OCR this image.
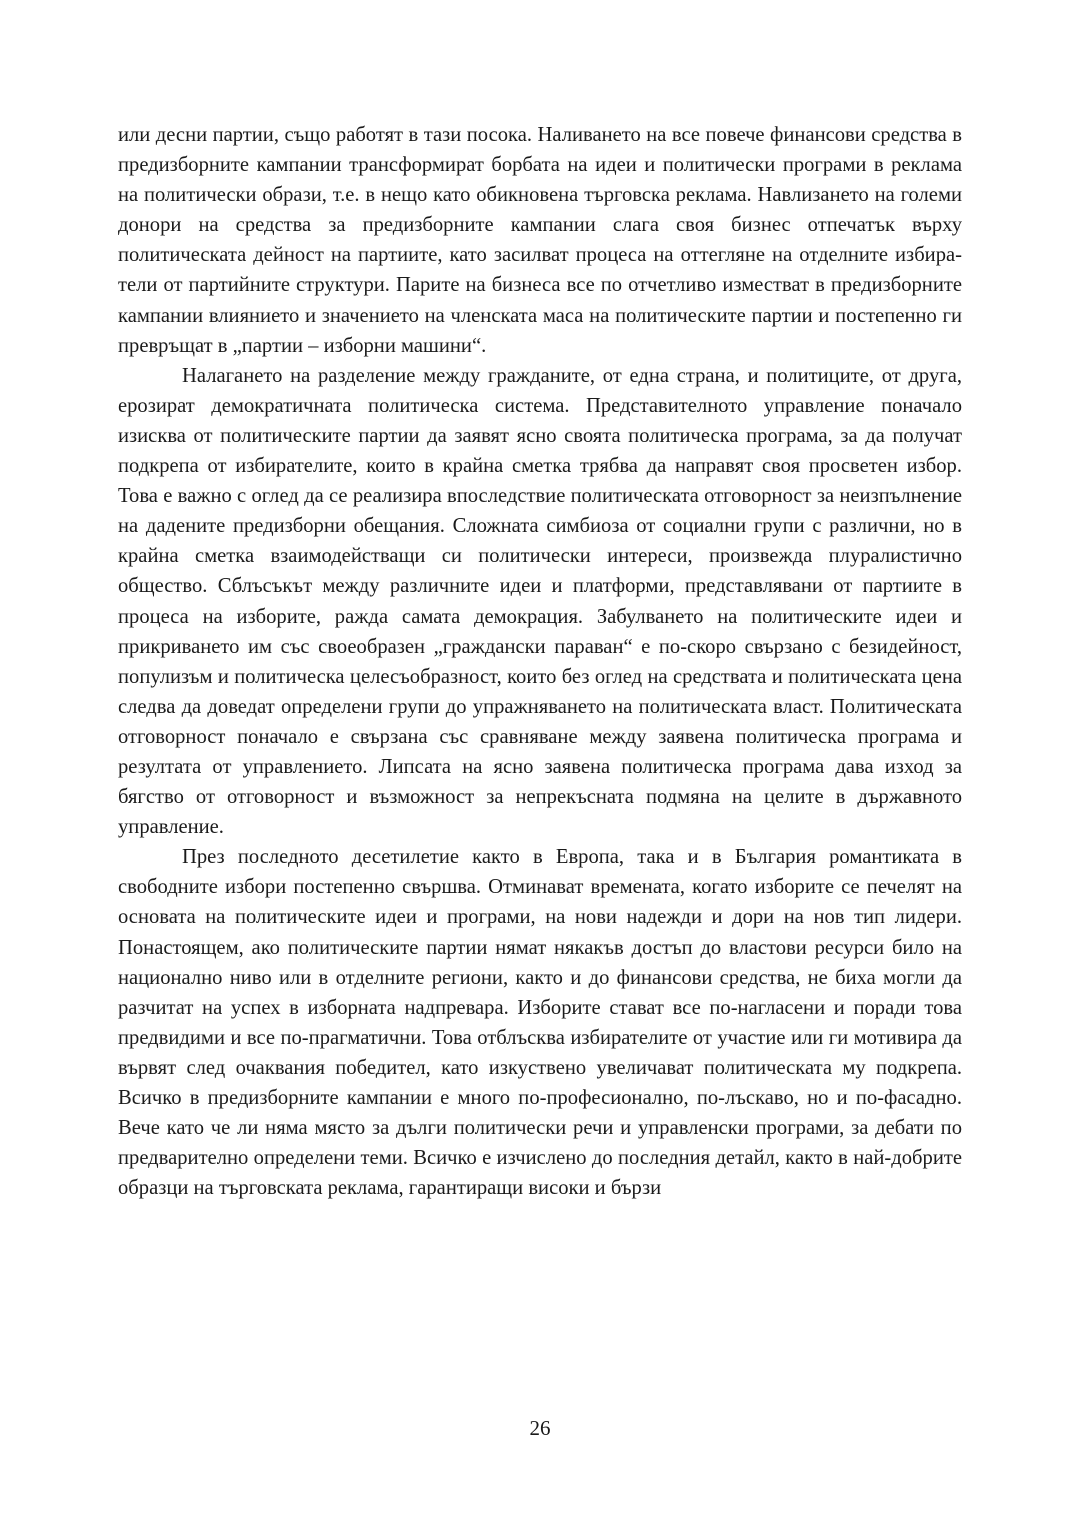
или десни партии, също работят в тази посока. Наливането на все повече финансови средства в предизборните кампании трансформират борбата на идеи и политически програми в реклама на политически образи, т.е. в нещо като обикновена търговска реклама. Навлизането на големи донори на средства за предизборните кампании слага своя бизнес отпечатък върху политическата дейност на партиите, като засилват процеса на оттегляне на отделните избиратели от партийните структури. Парите на бизнеса все по отчетливо изместват в предизборните кампании влиянието и значението на членската маса на политическите партии и постепенно ги превръщат в „партии – изборни машини“.

Налагането на разделение между гражданите, от една страна, и политиците, от друга, ерозират демократичната политическа система. Представителното управление поначало изисква от политическите партии да заявят ясно своята политическа програма, за да получат подкрепа от избирателите, които в крайна сметка трябва да направят своя просветен избор. Това е важно с оглед да се реализира впоследствие политическата отговорност за неизпълнение на дадените предизборни обещания. Сложната симбиоза от социални групи с различни, но в крайна сметка взаимодействащи си политически интереси, произвежда плуралистично общество. Сблъсъкът между различните идеи и платформи, представлявани от партиите в процеса на изборите, ражда самата демокрация. Забулването на политическите идеи и прикриването им със своеобразен „граждански параван“ е по-скоро свързано с безидейност, популизъм и политическа целесъобразност, които без оглед на средствата и политическата цена следва да доведат определени групи до упражняването на политическата власт. Политическата отговорност поначало е свързана със сравняване между заявена политическа програма и резултата от управлението. Липсата на ясно заявена политическа програма дава изход за бягство от отговорност и възможност за непрекъсната подмяна на целите в държавното управление.

През последното десетилетие както в Европа, така и в България романтиката в свободните избори постепенно свършва. Отминават времената, когато изборите се печелят на основата на политическите идеи и програми, на нови надежди и дори на нов тип лидери. Понастоящем, ако политическите партии нямат някакъв достъп до властови ресурси било на национално ниво или в отделните региони, както и до финансови средства, не биха могли да разчитат на успех в изборната надпревара. Изборите стават все по-нагласени и поради това предвидими и все по-прагматични. Това отблъсква избирателите от участие или ги мотивира да вървят след очаквания победител, като изкуствено увеличават политическата му подкрепа. Всичко в предизборните кампании е много по-професионално, по-лъскаво, но и по-фасадно. Вече като че ли няма място за дълги политически речи и управленски програми, за дебати по предварително определени теми. Всичко е изчислено до последния детайл, както в най-добрите образци на търговската реклама, гарантиращи високи и бързи

26
